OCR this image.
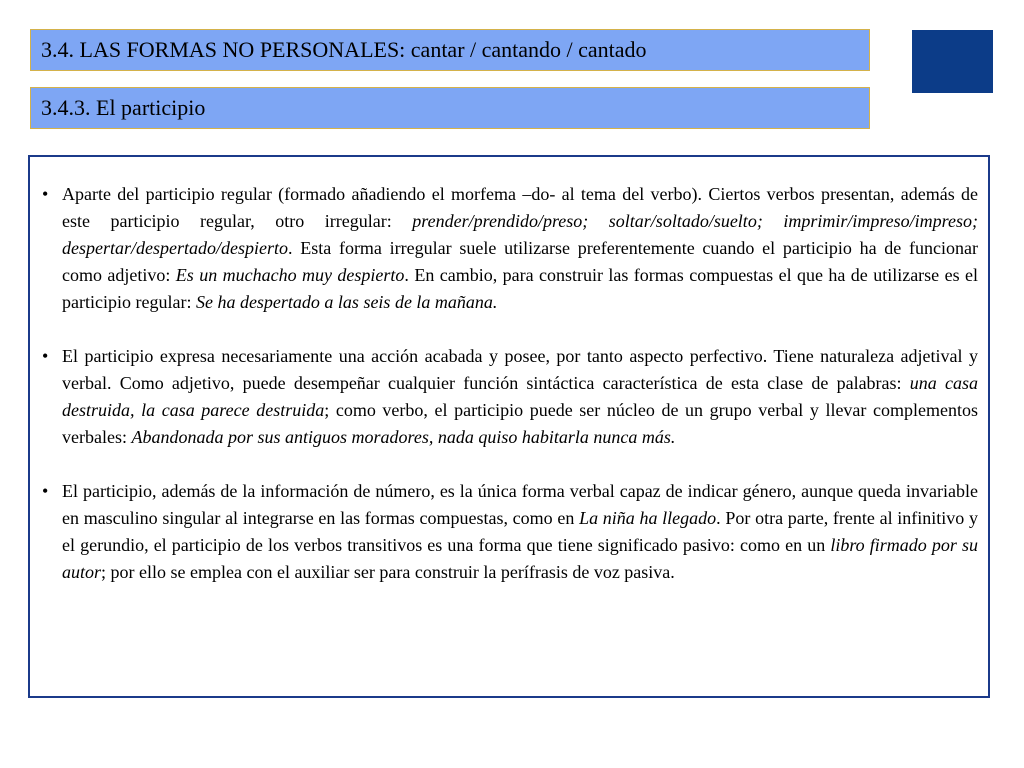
3.4. LAS FORMAS NO PERSONALES: cantar / cantando / cantado
3.4.3. El participio

• Aparte del participio regular (formado añadiendo el morfema –do- al tema del verbo). Ciertos verbos presentan, además de este participio regular, otro irregular: prender/prendido/preso; soltar/soltado/suelto; imprimir/impreso/impreso; despertar/despertado/despierto. Esta forma irregular suele utilizarse preferentemente cuando el participio ha de funcionar como adjetivo: Es un muchacho muy despierto. En cambio, para construir las formas compuestas el que ha de utilizarse es el participio regular: Se ha despertado a las seis de la mañana.

• El participio expresa necesariamente una acción acabada y posee, por tanto aspecto perfectivo. Tiene naturaleza adjetival y verbal. Como adjetivo, puede desempeñar cualquier función sintáctica característica de esta clase de palabras: una casa destruida, la casa parece destruida; como verbo, el participio puede ser núcleo de un grupo verbal y llevar complementos verbales: Abandonada por sus antiguos moradores, nada quiso habitarla nunca más.

• El participio, además de la información de número, es la única forma verbal capaz de indicar género, aunque queda invariable en masculino singular al integrarse en las formas compuestas, como en La niña ha llegado. Por otra parte, frente al infinitivo y el gerundio, el participio de los verbos transitivos es una forma que tiene significado pasivo: como en un libro firmado por su autor; por ello se emplea con el auxiliar ser para construir la perífrasis de voz pasiva.
